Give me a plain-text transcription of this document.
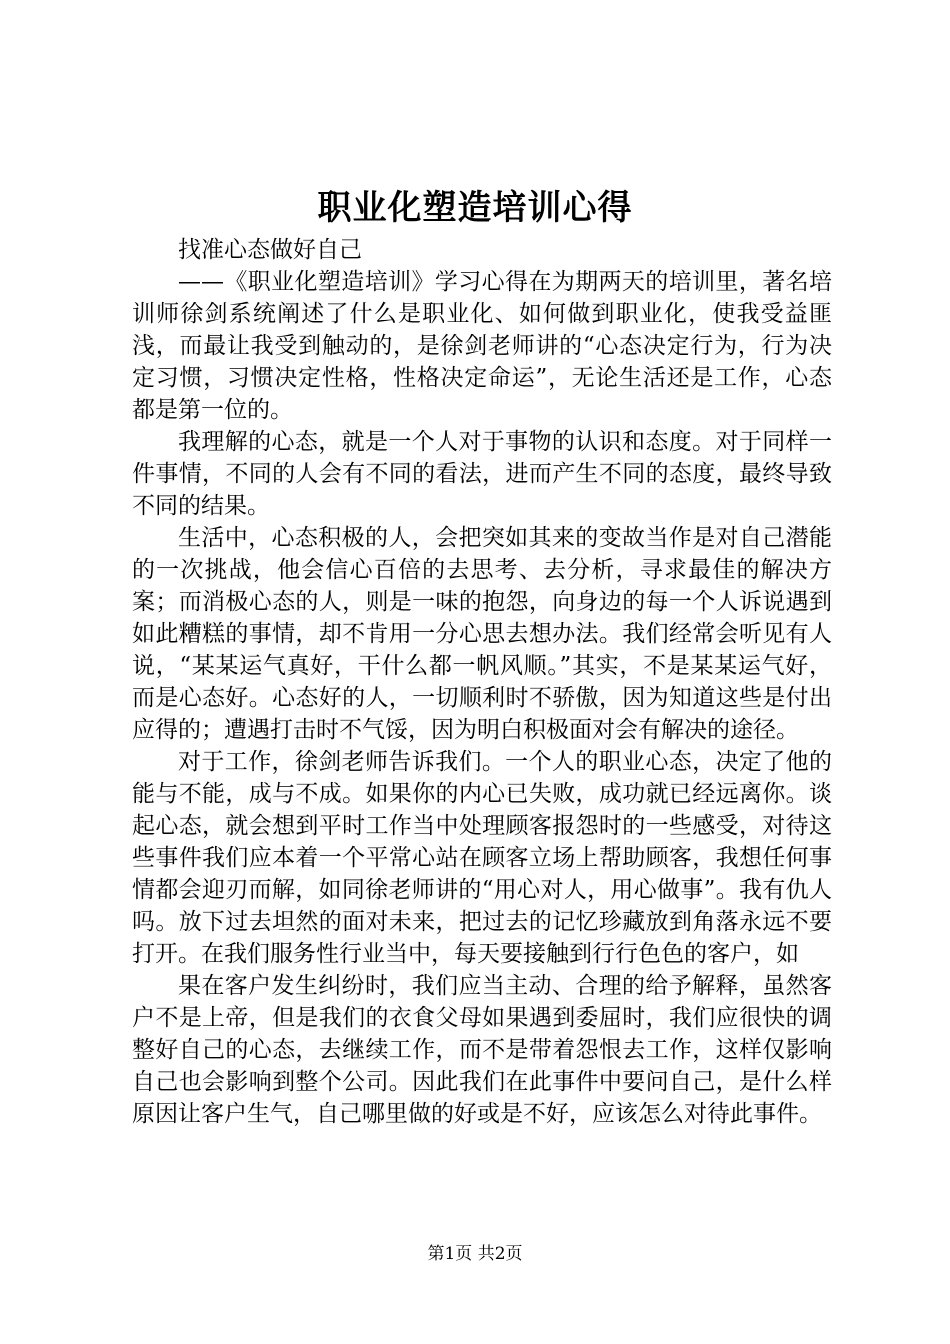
职业化塑造培训心得

找准心态做好自己

——《职业化塑造培训》学习心得在为期两天的培训里，著名培训师徐剑系统阐述了什么是职业化、如何做到职业化，使我受益匪浅，而最让我受到触动的，是徐剑老师讲的“心态决定行为，行为决定习惯，习惯决定性格，性格决定命运”，无论生活还是工作，心态都是第一位的。

我理解的心态，就是一个人对于事物的认识和态度。对于同样一件事情，不同的人会有不同的看法，进而产生不同的态度，最终导致不同的结果。

生活中，心态积极的人，会把突如其来的变故当作是对自己潜能的一次挑战，他会信心百倍的去思考、去分析，寻求最佳的解决方案；而消极心态的人，则是一味的抱怨，向身边的每一个人诉说遇到如此糟糕的事情，却不肯用一分心思去想办法。我们经常会听见有人说，“某某运气真好，干什么都一帆风顺。”其实，不是某某运气好，而是心态好。心态好的人，一切顺利时不骄傲，因为知道这些是付出应得的；遭遇打击时不气馁，因为明白积极面对会有解决的途径。

对于工作，徐剑老师告诉我们。一个人的职业心态，决定了他的能与不能，成与不成。如果你的内心已失败，成功就已经远离你。谈起心态，就会想到平时工作当中处理顾客报怨时的一些感受，对待这些事件我们应本着一个平常心站在顾客立场上帮助顾客，我想任何事情都会迎刃而解，如同徐老师讲的“用心对人，用心做事”。我有仇人吗。放下过去坦然的面对未来，把过去的记忆珍藏放到角落永远不要打开。在我们服务性行业当中，每天要接触到行行色色的客户，如

果在客户发生纠纷时，我们应当主动、合理的给予解释，虽然客户不是上帝，但是我们的衣食父母如果遇到委屈时，我们应很快的调整好自己的心态，去继续工作，而不是带着怨恨去工作，这样仅影响自己也会影响到整个公司。因此我们在此事件中要问自己，是什么样原因让客户生气，自己哪里做的好或是不好，应该怎么对待此事件。

第1页 共2页
